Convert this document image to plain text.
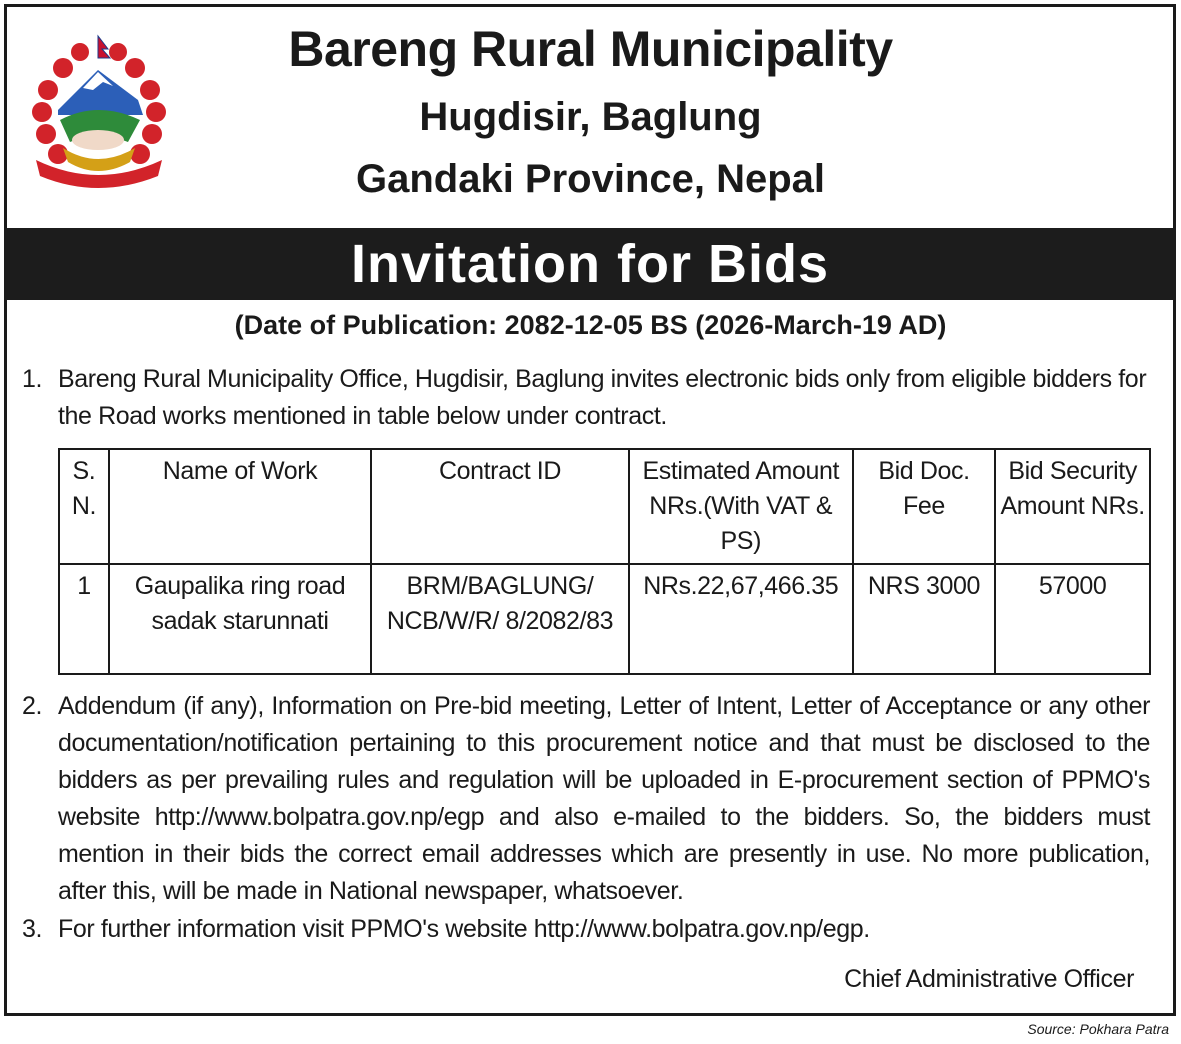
Bareng Rural Municipality
Hugdisir, Baglung
Gandaki Province, Nepal
Invitation for Bids
(Date of Publication: 2082-12-05 BS (2026-March-19 AD)
1. Bareng Rural Municipality Office, Hugdisir, Baglung invites electronic bids only from eligible bidders for the Road works mentioned in table below under contract.
S. N.	Name of Work	Contract ID	Estimated Amount NRs.(With VAT & PS)	Bid Doc. Fee	Bid Security Amount NRs.
1	Gaupalika ring road sadak starunnati	BRM/BAGLUNG/ NCB/W/R/ 8/2082/83	NRs.22,67,466.35	NRS 3000	57000
2. Addendum (if any), Information on Pre-bid meeting, Letter of Intent, Letter of Acceptance or any other documentation/notification pertaining to this procurement notice and that must be disclosed to the bidders as per prevailing rules and regulation will be uploaded in E-procurement section of PPMO's website http://www.bolpatra.gov.np/egp and also e-mailed to the bidders. So, the bidders must mention in their bids the correct email addresses which are presently in use. No more publication, after this, will be made in National newspaper, whatsoever.
3. For further information visit PPMO's website http://www.bolpatra.gov.np/egp.
Chief Administrative Officer
Source: Pokhara Patra
